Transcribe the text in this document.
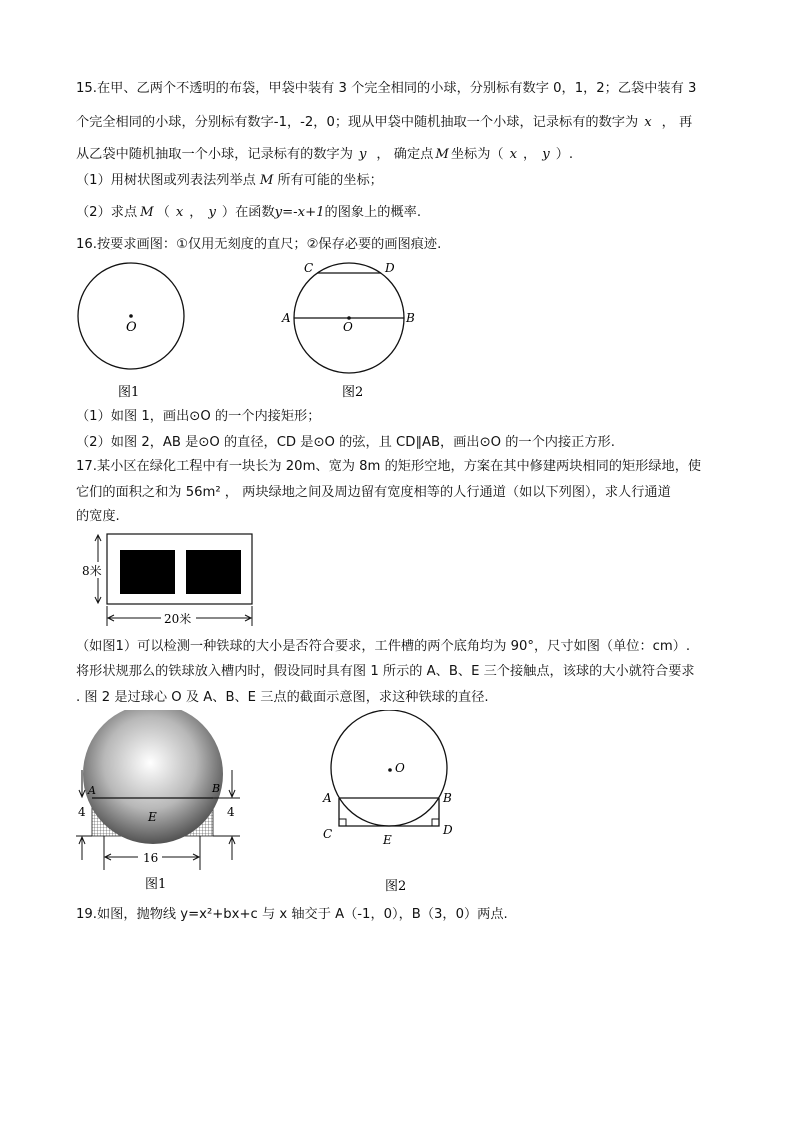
15.在甲、乙两个不透明的布袋，甲袋中装有 3 个完全相同的小球，分别标有数字 0，1，2；乙袋中装有 3
个完全相同的小球，分别标有数字-1，-2，0；现从甲袋中随机抽取一个小球，记录标有的数字为 x ， 再
从乙袋中随机抽取一个小球，记录标有的数字为 y ， 确定点 M 坐标为（ x ， y ）.
（1）用树状图或列表法列举点 M 所有可能的坐标；
（2）求点 M （ x ， y ）在函数y=-x+1的图象上的概率.
16.按要求画图：①仅用无刻度的直尺；②保存必要的画图痕迹.
O
图1
A	B
C	D
O
图2
（1）如图 1，画出⊙O 的一个内接矩形；
（2）如图 2，AB 是⊙O 的直径，CD 是⊙O 的弦，且 CD∥AB，画出⊙O 的一个内接正方形.
17.某小区在绿化工程中有一块长为 20m、宽为 8m 的矩形空地，方案在其中修建两块相同的矩形绿地，使
它们的面积之和为 56m² ， 两块绿地之间及周边留有宽度相等的人行通道（如以下列图），求人行通道
的宽度.
8米
20米
（如图1）可以检测一种铁球的大小是否符合要求，工件槽的两个底角均为 90°，尺寸如图（单位：cm）.
将形状规那么的铁球放入槽内时，假设同时具有图 1 所示的 A、B、E 三个接触点，该球的大小就符合要求
. 图 2 是过球心 O 及 A、B、E 三点的截面示意图，求这种铁球的直径.
A	B
E
4	4
16
图1
O
A	B
C	D
E
图2
19.如图，抛物线 y=x²+bx+c 与 x 轴交于 A（-1，0），B（3，0）两点.
